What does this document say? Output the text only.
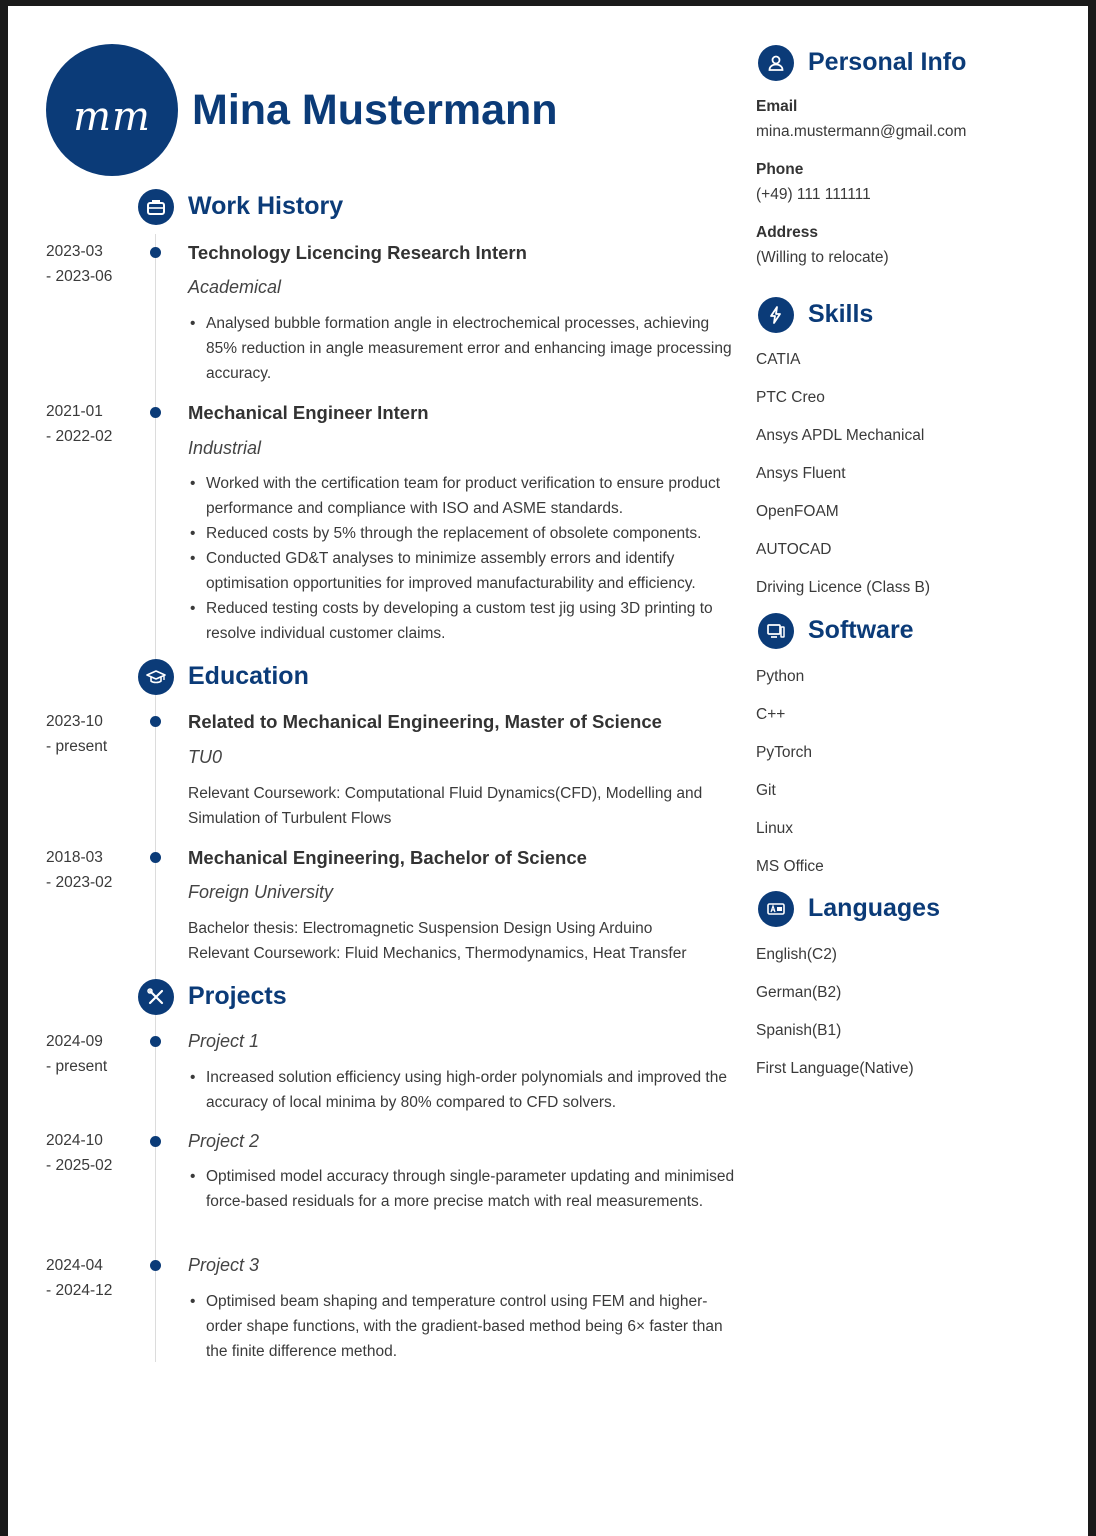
mm Mina Mustermann
Work History
2023-03
- 2023-06
Technology Licencing Research Intern
Academical
• Analysed bubble formation angle in electrochemical processes, achieving 85% reduction in angle measurement error and enhancing image processing accuracy.
2021-01
- 2022-02
Mechanical Engineer Intern
Industrial
• Worked with the certification team for product verification to ensure product performance and compliance with ISO and ASME standards.
• Reduced costs by 5% through the replacement of obsolete components.
• Conducted GD&T analyses to minimize assembly errors and identify optimisation opportunities for improved manufacturability and efficiency.
• Reduced testing costs by developing a custom test jig using 3D printing to resolve individual customer claims.
Education
2023-10
- present
Related to Mechanical Engineering, Master of Science
TU0
Relevant Coursework: Computational Fluid Dynamics(CFD), Modelling and Simulation of Turbulent Flows
2018-03
- 2023-02
Mechanical Engineering, Bachelor of Science
Foreign University
Bachelor thesis: Electromagnetic Suspension Design Using Arduino
Relevant Coursework: Fluid Mechanics, Thermodynamics, Heat Transfer
Projects
2024-09
- present
Project 1
• Increased solution efficiency using high-order polynomials and improved the accuracy of local minima by 80% compared to CFD solvers.
2024-10
- 2025-02
Project 2
• Optimised model accuracy through single-parameter updating and minimised force-based residuals for a more precise match with real measurements.
2024-04
- 2024-12
Project 3
• Optimised beam shaping and temperature control using FEM and higher-order shape functions, with the gradient-based method being 6× faster than the finite difference method.
Personal Info
Email
mina.mustermann@gmail.com
Phone
(+49) 111 111111
Address
(Willing to relocate)
Skills
CATIA
PTC Creo
Ansys APDL Mechanical
Ansys Fluent
OpenFOAM
AUTOCAD
Driving Licence (Class B)
Software
Python
C++
PyTorch
Git
Linux
MS Office
Languages
English(C2)
German(B2)
Spanish(B1)
First Language(Native)
